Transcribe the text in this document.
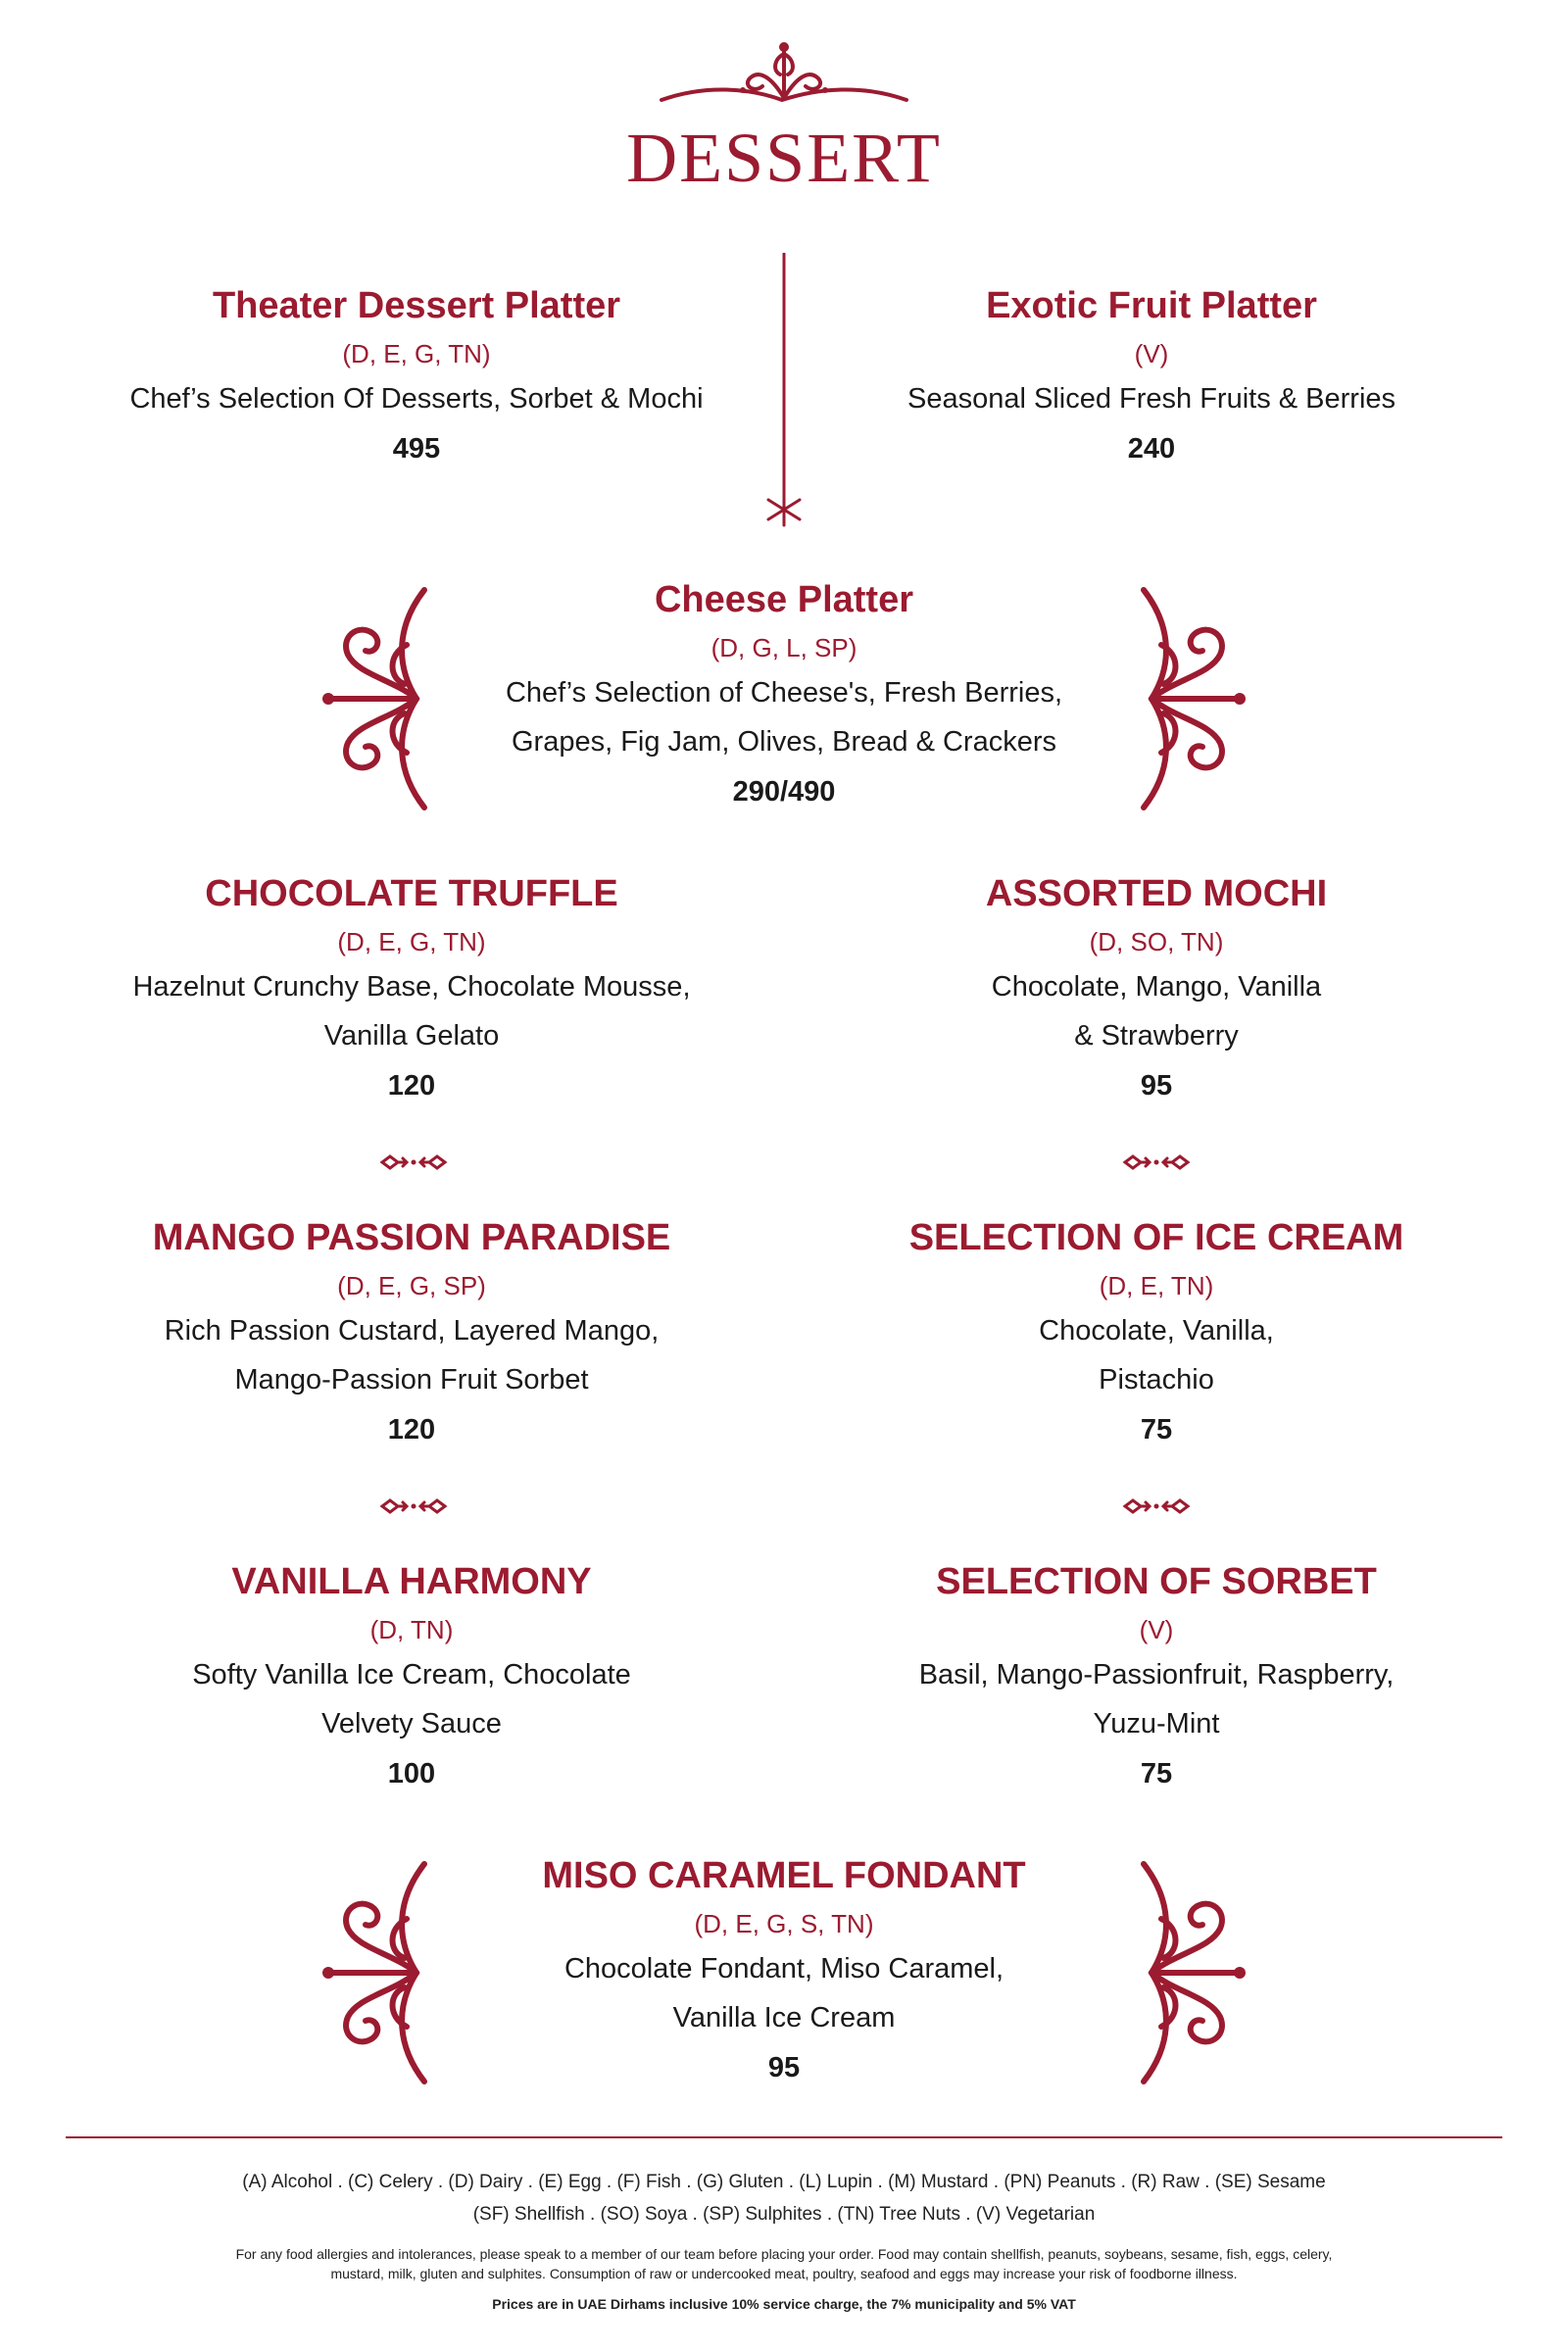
DESSERT
Theater Dessert Platter
(D, E, G, TN)
Chef’s Selection Of Desserts, Sorbet & Mochi
495
Exotic Fruit Platter
(V)
Seasonal Sliced Fresh Fruits & Berries
240
Cheese Platter
(D, G, L, SP)
Chef’s Selection of Cheese's, Fresh Berries,
Grapes, Fig Jam, Olives, Bread & Crackers
290/490
CHOCOLATE TRUFFLE
(D, E, G, TN)
Hazelnut Crunchy Base, Chocolate Mousse,
Vanilla Gelato
120
ASSORTED MOCHI
(D, SO, TN)
Chocolate, Mango, Vanilla
& Strawberry
95
MANGO PASSION PARADISE
(D, E, G, SP)
Rich Passion Custard, Layered Mango,
Mango-Passion Fruit Sorbet
120
SELECTION OF ICE CREAM
(D, E, TN)
Chocolate, Vanilla,
Pistachio
75
VANILLA HARMONY
(D, TN)
Softy Vanilla Ice Cream, Chocolate
Velvety Sauce
100
SELECTION OF SORBET
(V)
Basil, Mango-Passionfruit, Raspberry,
Yuzu-Mint
75
MISO CARAMEL FONDANT
(D, E, G, S, TN)
Chocolate Fondant, Miso Caramel,
Vanilla Ice Cream
95
(A) Alcohol . (C) Celery . (D) Dairy . (E) Egg . (F) Fish . (G) Gluten . (L) Lupin . (M) Mustard . (PN) Peanuts . (R) Raw . (SE) Sesame
(SF) Shellfish . (SO) Soya . (SP) Sulphites . (TN) Tree Nuts . (V) Vegetarian
For any food allergies and intolerances, please speak to a member of our team before placing your order. Food may contain shellfish, peanuts, soybeans, sesame, fish, eggs, celery,
mustard, milk, gluten and sulphites. Consumption of raw or undercooked meat, poultry, seafood and eggs may increase your risk of foodborne illness.
Prices are in UAE Dirhams inclusive 10% service charge, the 7% municipality and 5% VAT
